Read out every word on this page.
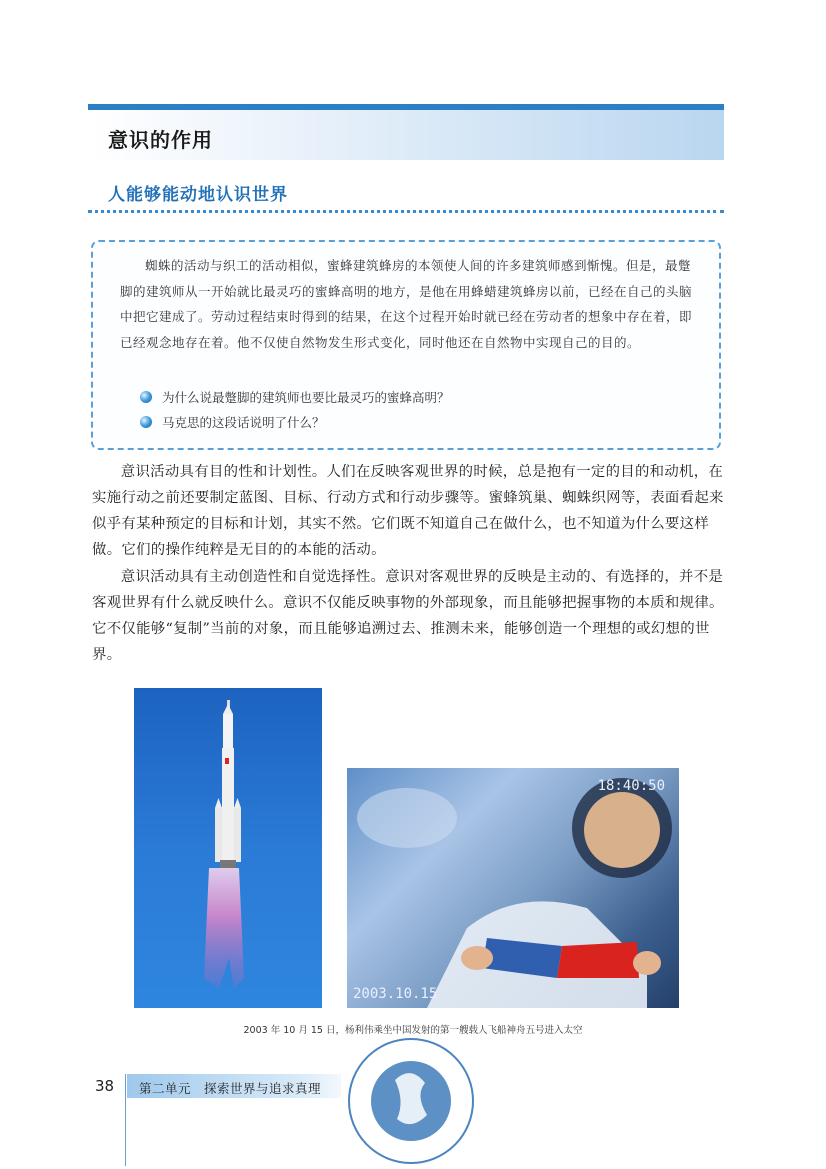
意识的作用
人能够能动地认识世界
蜘蛛的活动与织工的活动相似，蜜蜂建筑蜂房的本领使人间的许多建筑师感到惭愧。但是，最蹩脚的建筑师从一开始就比最灵巧的蜜蜂高明的地方，是他在用蜂蜡建筑蜂房以前，已经在自己的头脑中把它建成了。劳动过程结束时得到的结果，在这个过程开始时就已经在劳动者的想象中存在着，即已经观念地存在着。他不仅使自然物发生形式变化，同时他还在自然物中实现自己的目的。
为什么说最蹩脚的建筑师也要比最灵巧的蜜蜂高明？
马克思的这段话说明了什么？
意识活动具有目的性和计划性。人们在反映客观世界的时候，总是抱有一定的目的和动机，在实施行动之前还要制定蓝图、目标、行动方式和行动步骤等。蜜蜂筑巢、蜘蛛织网等，表面看起来似乎有某种预定的目标和计划，其实不然。它们既不知道自己在做什么，也不知道为什么要这样做。它们的操作纯粹是无目的的本能的活动。
意识活动具有主动创造性和自觉选择性。意识对客观世界的反映是主动的、有选择的，并不是客观世界有什么就反映什么。意识不仅能反映事物的外部现象，而且能够把握事物的本质和规律。它不仅能够“复制”当前的对象，而且能够追溯过去、推测未来，能够创造一个理想的或幻想的世界。
18:40:50
2003.10.15
2003 年 10 月 15 日，杨利伟乘坐中国发射的第一艘载人飞船神舟五号进入太空
38 第二单元　探索世界与追求真理
